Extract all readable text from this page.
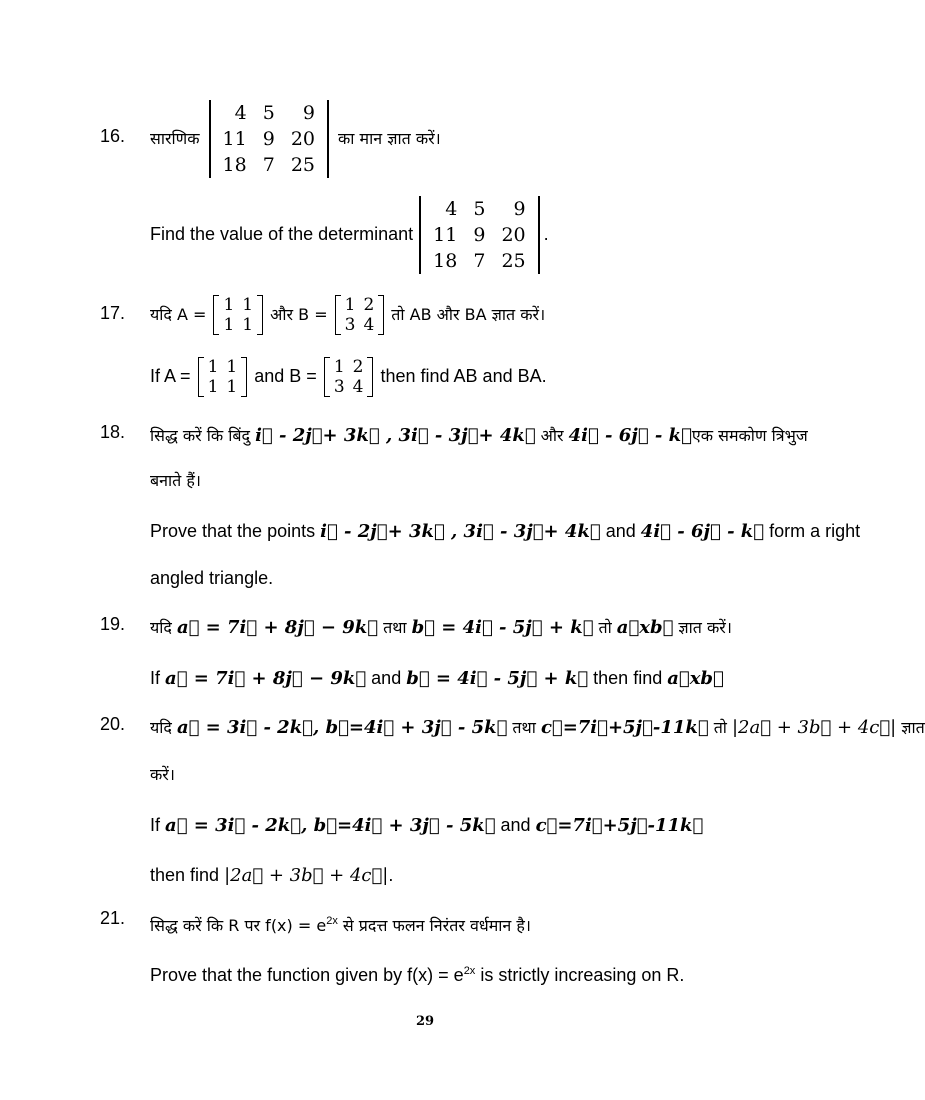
16.	सारणिक
4	5	9
11	9	20
18	7	25
का मान ज्ञात करें।
Find the value of the determinant
4	5	9
11	9	20
18	7	25
.
17.	यदि A = 1	1
1	1
और B = 1	2
3	4
तो AB और BA ज्ञात करें।
If A = 1	1
1	1
and B = 1	2
3	4
then find AB and BA.
18.	सिद्ध करें कि बिंदु i⃗ - 2j⃗+ 3k⃗ , 3i⃗ - 3j⃗+ 4k⃗ और 4i⃗ - 6j⃗ - k⃗एक समकोण त्रिभुज
बनाते हैं।
Prove that the points i⃗ - 2j⃗+ 3k⃗ , 3i⃗ - 3j⃗+ 4k⃗ and 4i⃗ - 6j⃗ - k⃗ form a right
angled triangle.
19.	यदि a⃗ = 7i⃗ + 8j⃗ − 9k⃗ तथा b⃗ = 4i⃗ - 5j⃗ + k⃗ तो a⃗xb⃗ ज्ञात करें।
If a⃗ = 7i⃗ + 8j⃗ − 9k⃗ and b⃗ = 4i⃗ - 5j⃗ + k⃗ then find a⃗xb⃗
20.	यदि a⃗ = 3i⃗ - 2k⃗, b⃗=4i⃗ + 3j⃗ - 5k⃗ तथा c⃗=7i⃗+5j⃗-11k⃗ तो |2a⃗ + 3b⃗ + 4c⃗| ज्ञात
करें।
If a⃗ = 3i⃗ - 2k⃗, b⃗=4i⃗ + 3j⃗ - 5k⃗ and c⃗=7i⃗+5j⃗-11k⃗
then find |2a⃗ + 3b⃗ + 4c⃗|.
21.	सिद्ध करें कि R पर $f(x) = e^{2x}$ से प्रदत्त फलन निरंतर वर्धमान है।
Prove that the function given by $f(x) = e^{2x}$ is strictly increasing on R.
29
